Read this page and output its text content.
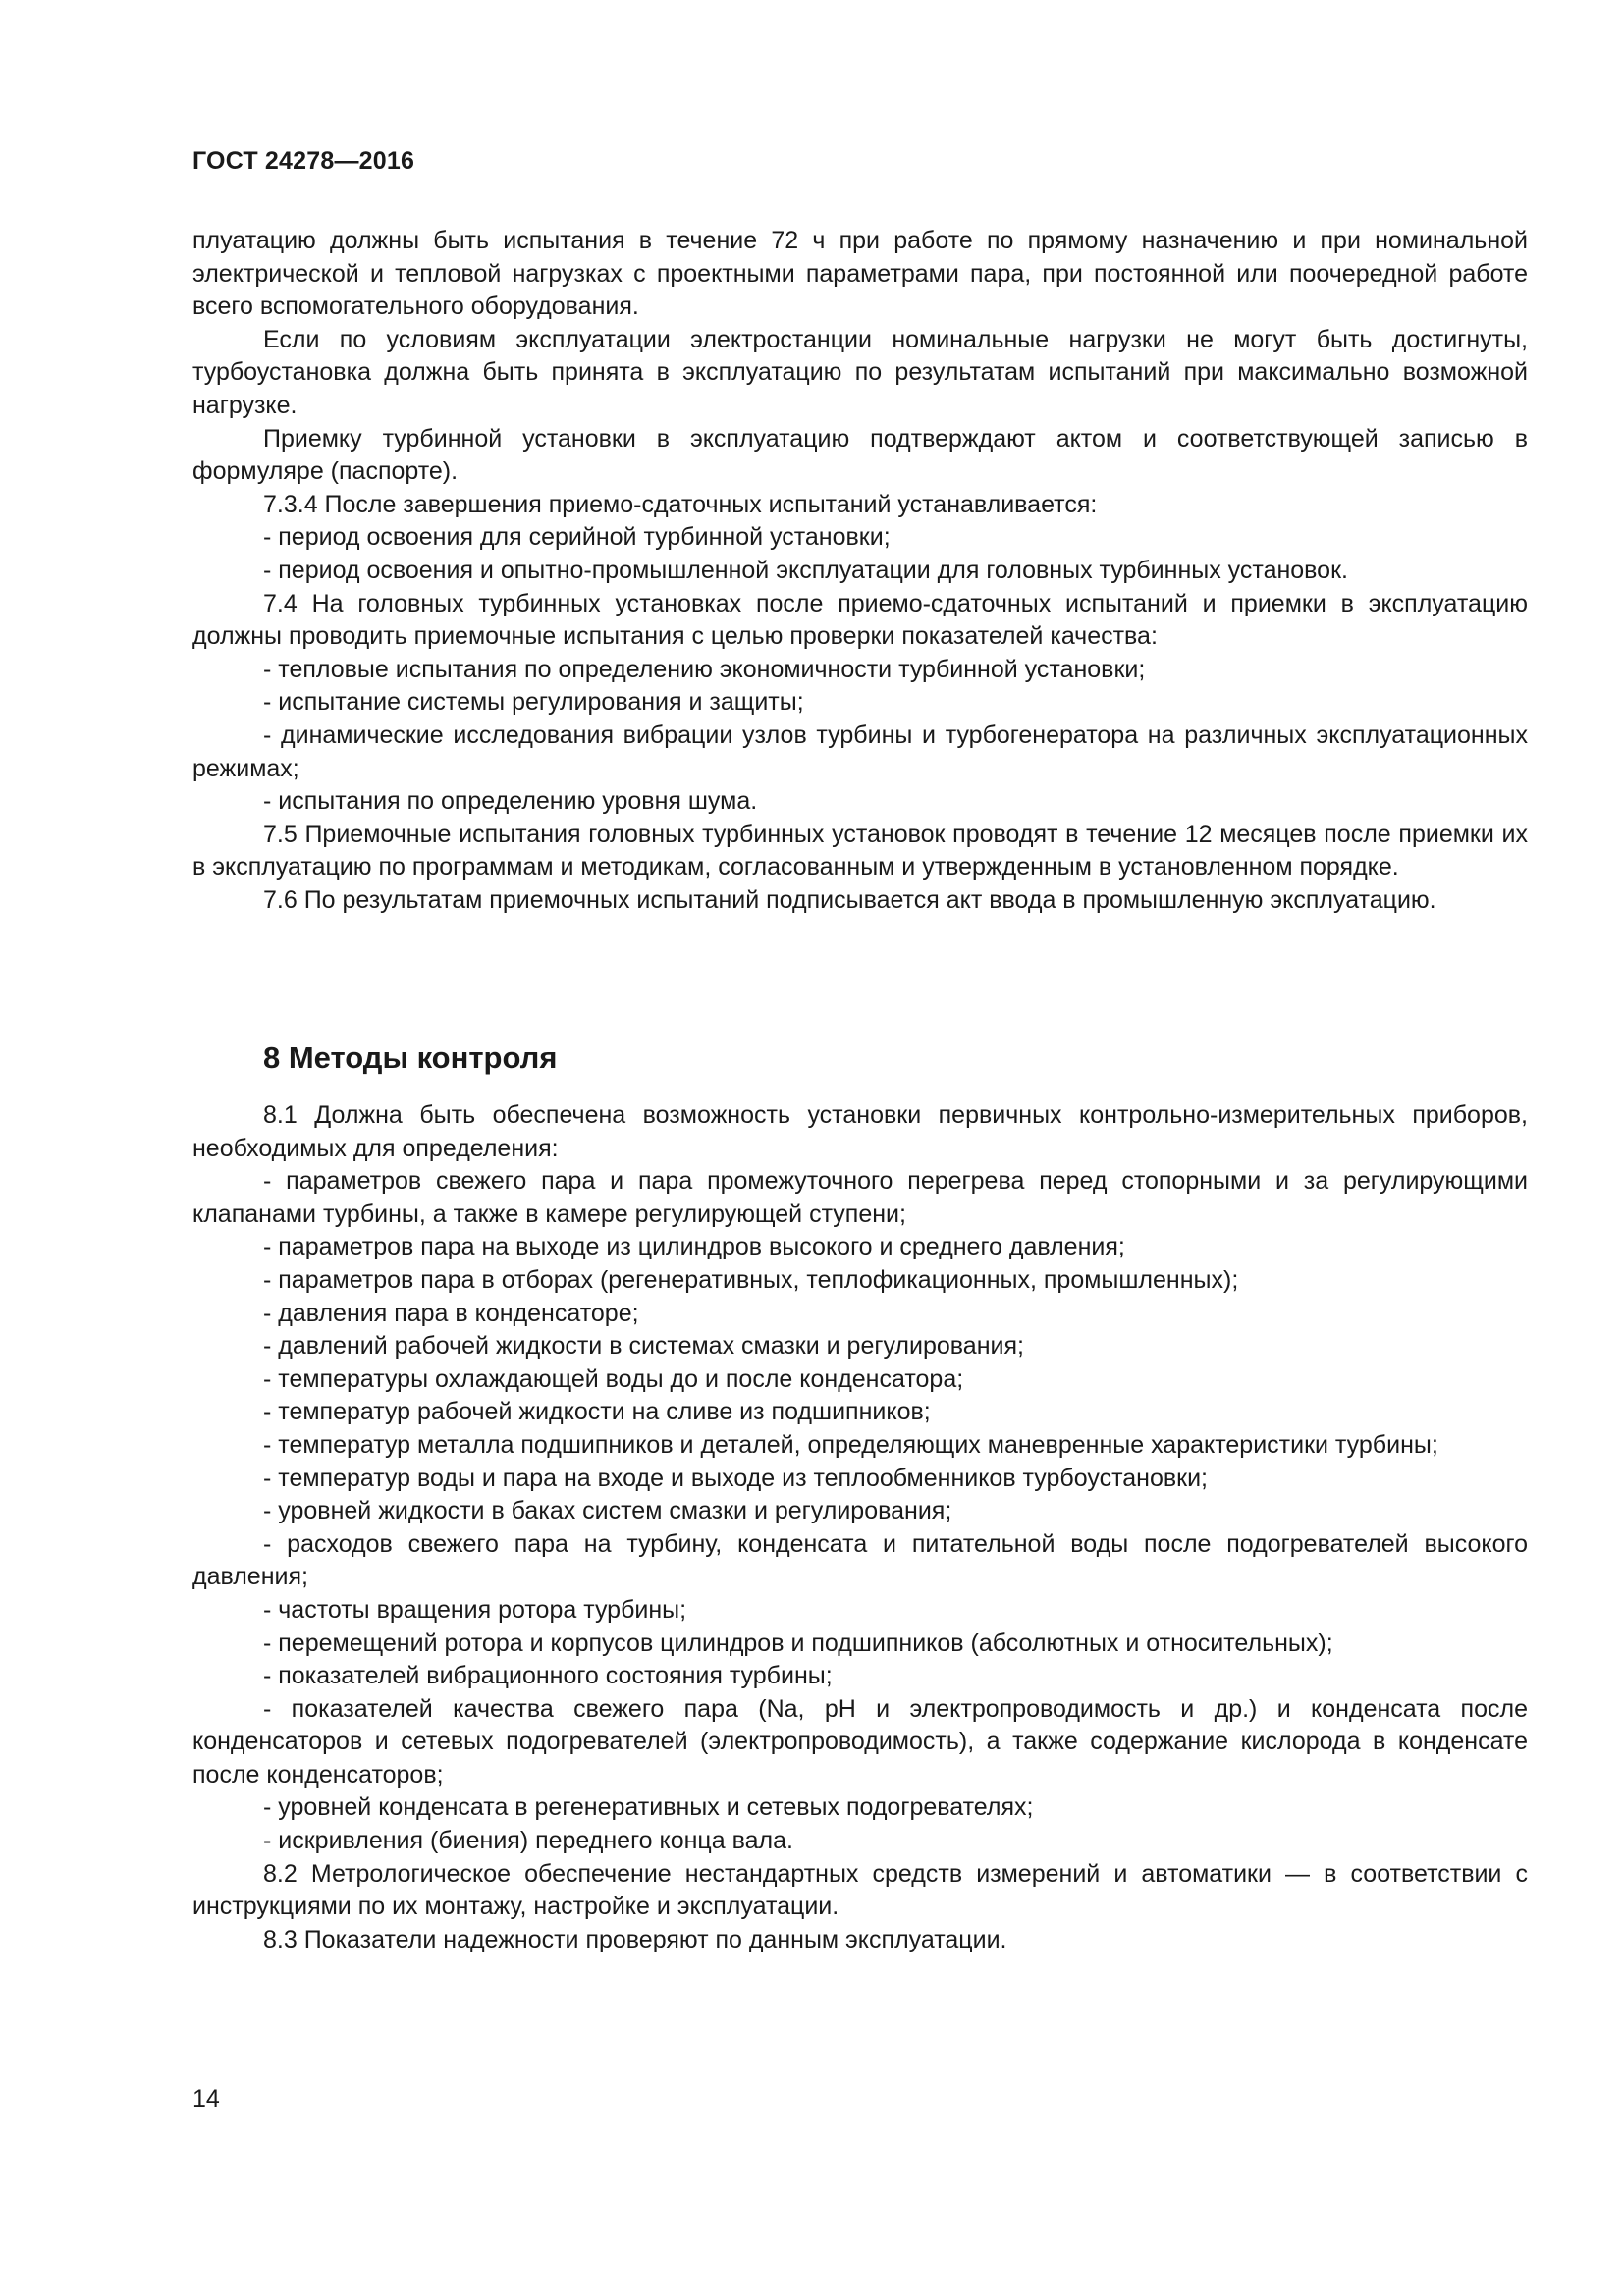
ГОСТ 24278—2016

плуатацию должны быть испытания в течение 72 ч при работе по прямому назначению и при номинальной электрической и тепловой нагрузках с проектными параметрами пара, при постоянной или поочередной работе всего вспомогательного оборудования.

Если по условиям эксплуатации электростанции номинальные нагрузки не могут быть достигнуты, турбоустановка должна быть принята в эксплуатацию по результатам испытаний при максимально возможной нагрузке.

Приемку турбинной установки в эксплуатацию подтверждают актом и соответствующей записью в формуляре (паспорте).

7.3.4 После завершения приемо-сдаточных испытаний устанавливается:

- период освоения для серийной турбинной установки;

- период освоения и опытно-промышленной эксплуатации для головных турбинных установок.

7.4 На головных турбинных установках после приемо-сдаточных испытаний и приемки в эксплуатацию должны проводить приемочные испытания с целью проверки показателей качества:

- тепловые испытания по определению экономичности турбинной установки;

- испытание системы регулирования и защиты;

- динамические исследования вибрации узлов турбины и турбогенератора на различных эксплуатационных режимах;

- испытания по определению уровня шума.

7.5 Приемочные испытания головных турбинных установок проводят в течение 12 месяцев после приемки их в эксплуатацию по программам и методикам, согласованным и утвержденным в установленном порядке.

7.6 По результатам приемочных испытаний подписывается акт ввода в промышленную эксплуатацию.

8 Методы контроля

8.1 Должна быть обеспечена возможность установки первичных контрольно-измерительных приборов, необходимых для определения:

- параметров свежего пара и пара промежуточного перегрева перед стопорными и за регулирующими клапанами турбины, а также в камере регулирующей ступени;

- параметров пара на выходе из цилиндров высокого и среднего давления;

- параметров пара в отборах (регенеративных, теплофикационных, промышленных);

- давления пара в конденсаторе;

- давлений рабочей жидкости в системах смазки и регулирования;

- температуры охлаждающей воды до и после конденсатора;

- температур рабочей жидкости на сливе из подшипников;

- температур металла подшипников и деталей, определяющих маневренные характеристики турбины;

- температур воды и пара на входе и выходе из теплообменников турбоустановки;

- уровней жидкости в баках систем смазки и регулирования;

- расходов свежего пара на турбину, конденсата и питательной воды после подогревателей высокого давления;

- частоты вращения ротора турбины;

- перемещений ротора и корпусов цилиндров и подшипников (абсолютных и относительных);

- показателей вибрационного состояния турбины;

- показателей качества свежего пара (Na, pH и электропроводимость и др.) и конденсата после конденсаторов и сетевых подогревателей (электропроводимость), а также содержание кислорода в конденсате после конденсаторов;

- уровней конденсата в регенеративных и сетевых подогревателях;

- искривления (биения) переднего конца вала.

8.2 Метрологическое обеспечение нестандартных средств измерений и автоматики — в соответствии с инструкциями по их монтажу, настройке и эксплуатации.

8.3 Показатели надежности проверяют по данным эксплуатации.

14
